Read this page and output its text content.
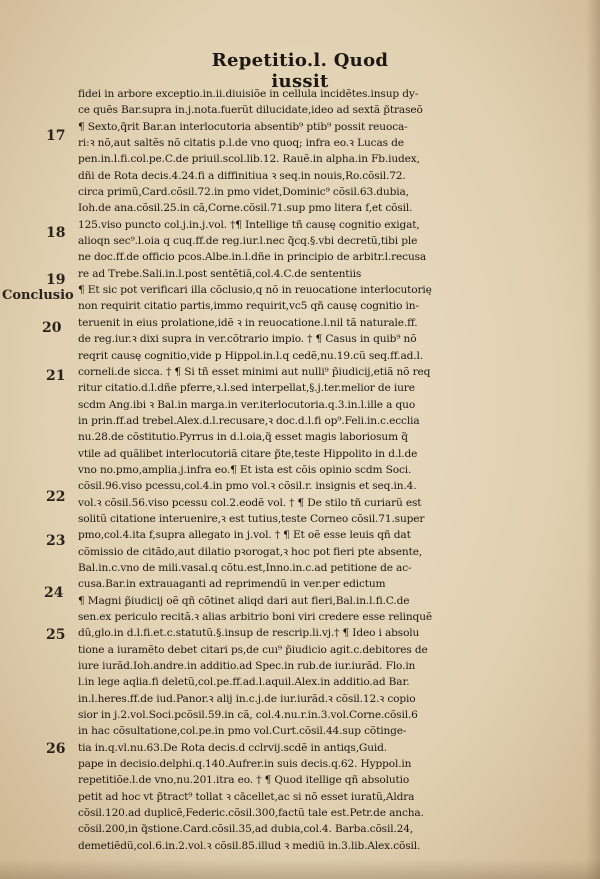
Repetitio.l. Quod iussit
17
18
19
Conclusio
20
21
22
23
24
25
26
fidei in arbore exceptio.in.ii.diuisiõe in cellula incidẽtes.insup dy-
ce quẽs Bar.supra in.j.nota.fuerũt dilucidate,ideo ad sextã p̃traseõ
¶ Sexto,q̃rit Bar.an interlocutoria absentib⁹ ptib⁹ possit reuoca-
ri:ꝛ nõ,aut saltẽs nõ citatis p.l.de vno quoq; infra eo.ꝛ Lucas de
pen.in.l.fi.col.pe.C.de priuil.scol.lib.12. Rauẽ.in alpha.in Fb.iudex,
dñi de Rota decis.4.24.fi a diffinitiua ꝛ seq.in nouis,Ro.cõsil.72.
circa primũ,Card.cõsil.72.in pmo videt,Dominic⁹ cõsil.63.dubia,
Ioh.de ana.cõsil.25.in cã,Corne.cõsil.71.sup pmo litera f,et cõsil.
125.viso puncto col.j.in.j.vol. †¶ Intellige tñ causę cognitio exigat,
alioqn sec⁹.l.oia q cuq.ff.de reg.iur.l.nec q̃cq.§.vbi decretũ,tibi ple
ne doc.ff.de officio pcos.Albe.in.l.dñe in principio de arbitr.l.recusa
re ad Trebe.Sali.in.l.post sentẽtiã,col.4.C.de sententiis
¶ Et sic pot verificari illa cõclusio,q nõ in reuocatione interlocutorię
non requirit citatio partis,immo requirit,vc5 qñ causę cognitio in-
teruenit in eius prolatione,idẽ ꝛ in reuocatione.l.nil tã naturale.ff.
de reg.iur.ꝛ dixi supra in ver.cõtrario impio. † ¶ Casus in quib⁹ nõ
reqrit causę cognitio,vide p Hippol.in.l.q cedẽ,nu.19.cũ seq.ff.ad.l.
corneli.de sicca. † ¶ Si tñ esset minimi aut nulli⁹ p̃iudicij,etiã nõ req
ritur citatio.d.l.dñe pferre,ꝛ.l.sed interpellat,§.j.ter.melior de iure
scdm Ang.ibi ꝛ Bal.in marga.in ver.iterlocutoria.q.3.in.l.ille a quo
in prin.ff.ad trebel.Alex.d.l.recusare,ꝛ doc.d.l.fi op⁹.Feli.in.c.ecclia
nu.28.de cõstitutio.Pyrrus in d.l.oia,q̃ esset magis laboriosum q̃
vtile ad quãlibet interlocutoriã citare p̃te,teste Hippolito in d.l.de
vno no.pmo,amplia.j.infra eo.¶ Et ista est cõis opinio scdm Soci.
cõsil.96.viso pcessu,col.4.in pmo vol.ꝛ cõsil.r. insignis et seq.in.4.
vol.ꝛ cõsil.56.viso pcessu col.2.eodẽ vol. † ¶ De stilo tñ curiarũ est
solitũ citatione interuenire,ꝛ est tutius,teste Corneo cõsil.71.super
pmo,col.4.ita f,supra allegato in j.vol. † ¶ Et oẽ esse leuis qñ dat
cõmissio de citãdo,aut dilatio pꝛorogat,ꝛ hoc pot fieri pte absente,
Bal.in.c.vno de mili.vasal.q cõtu.est,Inno.in.c.ad petitione de ac-
cusa.Bar.in extrauaganti ad reprimendũ in ver.per edictum
¶ Magni p̃iudicij oẽ qñ cõtinet aliqd dari aut fieri,Bal.in.l.fi.C.de
sen.ex periculo recitã.ꝛ alias arbitrio boni viri credere esse relinquẽ
dũ,glo.in d.l.fi.et.c.statutũ.§.insup de rescrip.li.vj.† ¶ Ideo i absolu
tione a iuramẽto debet citari ps,de cuı⁹ p̃iudicio agit.c.debitores de
iure iurãd.Ioh.andre.in additio.ad Spec.in rub.de iur.iurãd. Flo.in
l.in lege aqlia.fi deletũ,col.pe.ff.ad.l.aquil.Alex.in additio.ad Bar.
in.l.heres.ff.de iud.Panor.ꝛ alij in.c.j.de iur.iurãd.ꝛ cõsil.12.ꝛ copio
sior in j.2.vol.Soci.pcõsil.59.in cã, col.4.nu.r.in.3.vol.Corne.cõsil.6
in hac cõsultatione,col.pe.in pmo vol.Curt.cõsil.44.sup cõtinge-
tia in.q.vl.nu.63.De Rota decis.d cclrvij.scdẽ in antiqs,Guid.
pape in decisio.delphi.q.140.Aufrer.in suis decis.q.62. Hyppol.in
repetitiõe.l.de vno,nu.201.itra eo. † ¶ Quod itellige qñ absolutio
petit ad hoc vt p̃tract⁹ tollat ꝛ cācellet,ac si nõ esset iuratũ,Aldra
cõsil.120.ad duplicẽ,Federic.cõsil.300,factũ tale est.Petr.de ancha.
cõsil.200,in q̃stione.Card.cõsil.35,ad dubia,col.4. Barba.cõsil.24,
demetiẽdũ,col.6.in.2.vol.ꝛ cõsil.85.illud ꝛ mediũ in.3.lib.Alex.cõsil.
